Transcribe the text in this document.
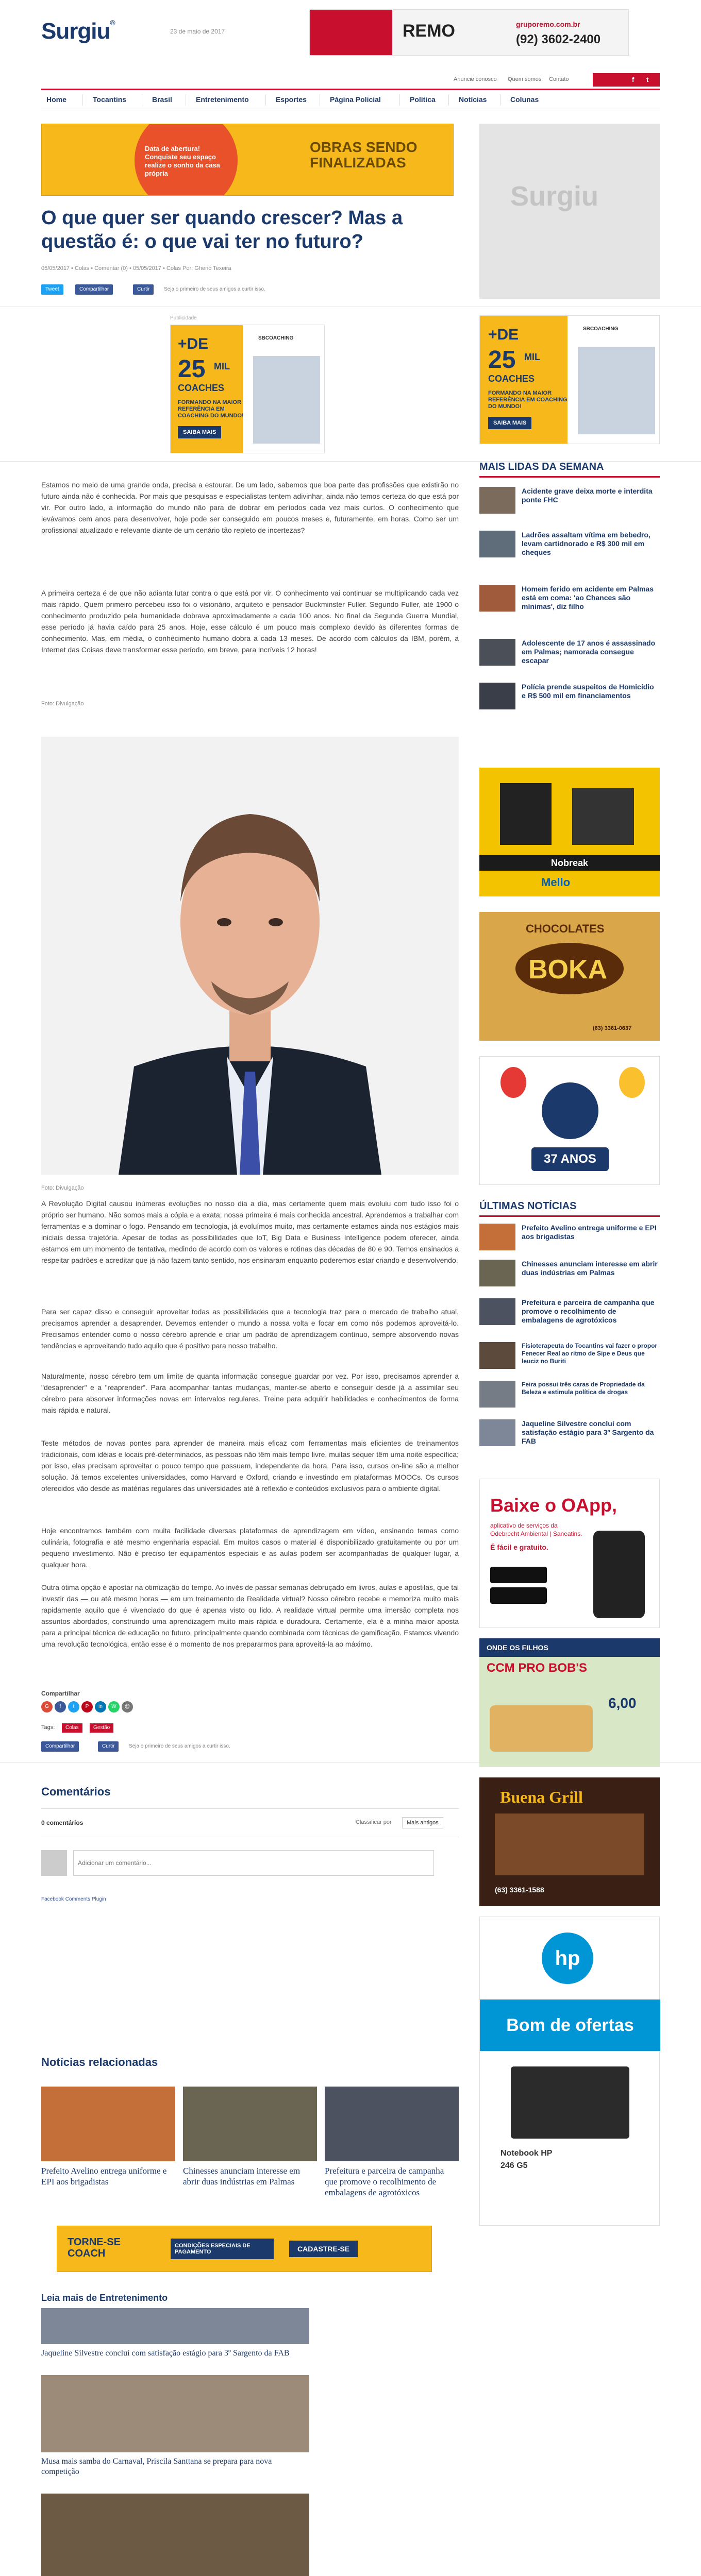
Surgiu®
23 de maio de 2017	REMO	gruporemo.com.br
(92) 3602-2400
Anuncie conosco Quem somos Contato	f t
Home	Tocantins	Brasil	Entretenimento	Esportes	Página Policial	Política	Notícias	Colunas
Data de abertura! Conquiste seu espaço realize o sonho da casa própria
OBRAS SENDO FINALIZADAS
Surgiu
O que quer ser quando crescer? Mas a questão é: o que vai ter no futuro?
05/05/2017 • Colas • Comentar (0) • 05/05/2017 • Colas Por: Gheno Texeira
Tweet	Compartilhar	Curtir	Seja o primeiro de seus amigos a curtir isso.
Publicidade
+DE
25 MIL
COACHES
FORMANDO NA MAIOR REFERÊNCIA EM COACHING DO MUNDO!
SAIBA MAIS
SBCOACHING	+DE
25 MIL
COACHES
FORMANDO NA MAIOR REFERÊNCIA EM COACHING DO MUNDO!
SAIBA MAIS
SBCOACHING

Estamos no meio de uma grande onda, precisa a estourar. De um lado, sabemos que boa parte das profissões que existirão no futuro ainda não é conhecida. Por mais que pesquisas e especialistas tentem adivinhar, ainda não temos certeza do que está por vir. Por outro lado, a informação do mundo não para de dobrar em períodos cada vez mais curtos. O conhecimento que levávamos cem anos para desenvolver, hoje pode ser conseguido em poucos meses e, futuramente, em horas. Como ser um profissional atualizado e relevante diante de um cenário tão repleto de incertezas?

A primeira certeza é de que não adianta lutar contra o que está por vir. O conhecimento vai continuar se multiplicando cada vez mais rápido. Quem primeiro percebeu isso foi o visionário, arquiteto e pensador Buckminster Fuller. Segundo Fuller, até 1900 o conhecimento produzido pela humanidade dobrava aproximadamente a cada 100 anos. No final da Segunda Guerra Mundial, esse período já havia caído para 25 anos. Hoje, esse cálculo é um pouco mais complexo devido às diferentes formas de conhecimento. Mas, em média, o conhecimento humano dobra a cada 13 meses. De acordo com cálculos da IBM, porém, a Internet das Coisas deve transformar esse período, em breve, para incríveis 12 horas!

Foto: Divulgação
Foto: Divulgação

A Revolução Digital causou inúmeras evoluções no nosso dia a dia, mas certamente quem mais evoluiu com tudo isso foi o próprio ser humano. Não somos mais a cópia e a exata; nossa primeira é mais conhecida ancestral. Aprendemos a trabalhar com ferramentas e a dominar o fogo. Pensando em tecnologia, já evoluímos muito, mas certamente estamos ainda nos estágios mais iniciais dessa trajetória. Apesar de todas as possibilidades que IoT, Big Data e Business Intelligence podem oferecer, ainda estamos em um momento de tentativa, medindo de acordo com os valores e rotinas das décadas de 80 e 90. Temos ensinados a respeitar padrões e acreditar que já não fazem tanto sentido, nos ensinaram enquanto poderemos estar criando e desenvolvendo.

Para ser capaz disso e conseguir aproveitar todas as possibilidades que a tecnologia traz para o mercado de trabalho atual, precisamos aprender a desaprender. Devemos entender o mundo a nossa volta e focar em como nós podemos aproveitá-lo. Precisamos entender como o nosso cérebro aprende e criar um padrão de aprendizagem contínuo, sempre absorvendo novas tendências e aproveitando tudo aquilo que é positivo para nosso trabalho.

Naturalmente, nosso cérebro tem um limite de quanta informação consegue guardar por vez. Por isso, precisamos aprender a "desaprender" e a "reaprender". Para acompanhar tantas mudanças, manter-se aberto e conseguir desde já a assimilar seu cérebro para absorver informações novas em intervalos regulares. Treine para adquirir habilidades e conhecimentos de forma mais rápida e natural.

Teste métodos de novas pontes para aprender de maneira mais eficaz com ferramentas mais eficientes de treinamentos tradicionais, com idéias e locais pré-determinados, as pessoas não têm mais tempo livre, muitas sequer têm uma noite específica; por isso, elas precisam aproveitar o pouco tempo que possuem, independente da hora. Para isso, cursos on-line são a melhor solução. Já temos excelentes universidades, como Harvard e Oxford, criando e investindo em plataformas MOOCs. Os cursos oferecidos vão desde as matérias regulares das universidades até à reflexão e conteúdos exclusivos para o ambiente digital.

Hoje encontramos também com muita facilidade diversas plataformas de aprendizagem em vídeo, ensinando temas como culinária, fotografia e até mesmo engenharia espacial. Em muitos casos o material é disponibilizado gratuitamente ou por um pequeno investimento. Não é preciso ter equipamentos especiais e as aulas podem ser acompanhadas de qualquer lugar, a qualquer hora.

Outra ótima opção é apostar na otimização do tempo. Ao invés de passar semanas debruçado em livros, aulas e apostilas, que tal investir das — ou até mesmo horas — em um treinamento de Realidade virtual? Nosso cérebro recebe e memoriza muito mais rapidamente aquilo que é vivenciado do que é apenas visto ou lido. A realidade virtual permite uma imersão completa nos assuntos abordados, construindo uma aprendizagem muito mais rápida e duradoura. Certamente, ela é a minha maior aposta para a principal técnica de educação no futuro, principalmente quando combinada com técnicas de gamificação. Estamos vivendo uma revolução tecnológica, então esse é o momento de nos prepararmos para aproveitá-la ao máximo.

Compartilhar
G	f	t	P	in	W	@
Tags:	Colas	Gestão
Compartilhar	Curtir	Seja o primeiro de seus amigos a curtir isso.
Comentários
0 comentários	Classificar por	Mais antigos
Adicionar um comentário...
Facebook Comments Plugin
Notícias relacionadas
Prefeito Avelino entrega uniforme e EPI aos brigadistas
Chinesses anunciam interesse em abrir duas indústrias em Palmas
Prefeitura e parceira de campanha que promove o recolhimento de embalagens de agrotóxicos
TORNE-SE COACH
CONDIÇÕES ESPECIAIS DE PAGAMENTO	CADASTRE-SE
Leia mais de Entretenimento
Jaqueline Silvestre concluí com satisfação estágio para 3º Sargento da FAB
Musa mais samba do Carnaval, Priscila Santtana se prepara para nova competição
MAIS LIDAS DA SEMANA
Acidente grave deixa morte e interdita ponte FHC
Ladrões assaltam vítima em bebedro, levam cartidnorado e R$ 300 mil em cheques
Homem ferido em acidente em Palmas está em coma: 'ao Chances são mínimas', diz filho
Adolescente de 17 anos é assassinado em Palmas; namorada consegue escapar
Polícia prende suspeitos de Homicídio e R$ 500 mil em financiamentos
Nobreak
Mello
CHOCOLATES
BOKA
(63) 3361-0637
37 ANOS
ÚLTIMAS NOTÍCIAS
Prefeito Avelino entrega uniforme e EPI aos brigadistas
Chinesses anunciam interesse em abrir duas indústrias em Palmas
Prefeitura e parceira de campanha que promove o recolhimento de embalagens de agrotóxicos
Fisioterapeuta do Tocantins vai fazer o propor Fenecer Real ao ritmo de Sipe e Deus que leuciz no Buriti
Feira possui três caras de Propriedade da Beleza e estimula política de drogas
Jaqueline Silvestre concluí com satisfação estágio para 3º Sargento da FAB
Baixe o OApp,
aplicativo de serviços da Odebrecht Ambiental | Saneatins.
É fácil e gratuito.
ONDE OS FILHOS
CCM PRO BOB'S
6,00
Buena Grill
(63) 3361-1588
hp
Bom de ofertas
Notebook HP
246 G5
